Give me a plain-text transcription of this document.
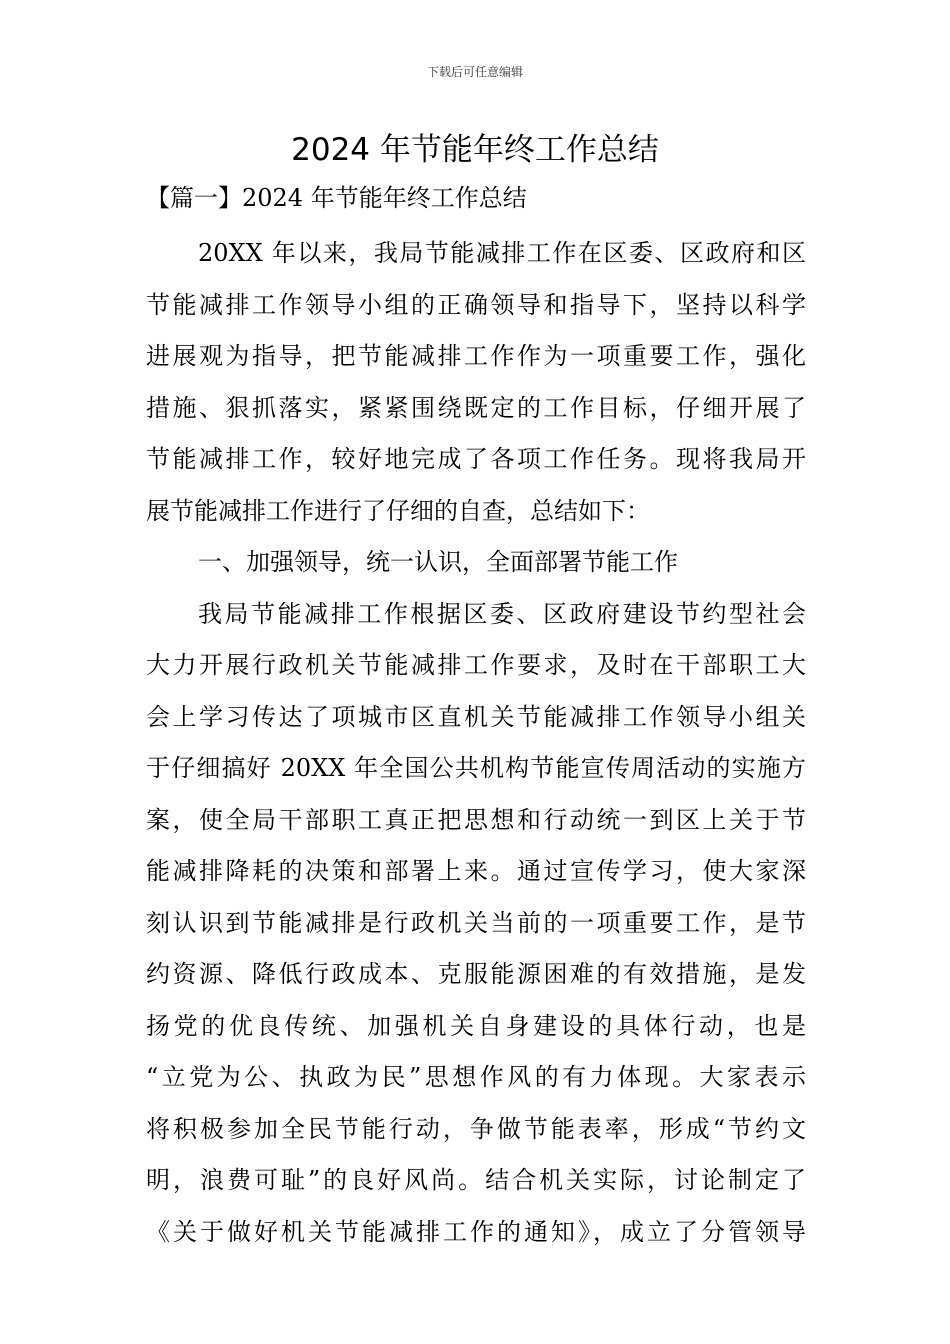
下载后可任意编辑
2024 年节能年终工作总结
【篇一】2024 年节能年终工作总结
20XX 年以来，我局节能减排工作在区委、区政府和区
节能减排工作领导小组的正确领导和指导下，坚持以科学
进展观为指导，把节能减排工作作为一项重要工作，强化
措施、狠抓落实，紧紧围绕既定的工作目标，仔细开展了
节能减排工作，较好地完成了各项工作任务。现将我局开
展节能减排工作进行了仔细的自查，总结如下：
一、加强领导，统一认识，全面部署节能工作
我局节能减排工作根据区委、区政府建设节约型社会
大力开展行政机关节能减排工作要求，及时在干部职工大
会上学习传达了项城市区直机关节能减排工作领导小组关
于仔细搞好 20XX 年全国公共机构节能宣传周活动的实施方
案，使全局干部职工真正把思想和行动统一到区上关于节
能减排降耗的决策和部署上来。通过宣传学习，使大家深
刻认识到节能减排是行政机关当前的一项重要工作，是节
约资源、降低行政成本、克服能源困难的有效措施，是发
扬党的优良传统、加强机关自身建设的具体行动，也是
“立党为公、执政为民”思想作风的有力体现。大家表示
将积极参加全民节能行动，争做节能表率，形成“节约文
明，浪费可耻”的良好风尚。结合机关实际，讨论制定了
《关于做好机关节能减排工作的通知》，成立了分管领导
